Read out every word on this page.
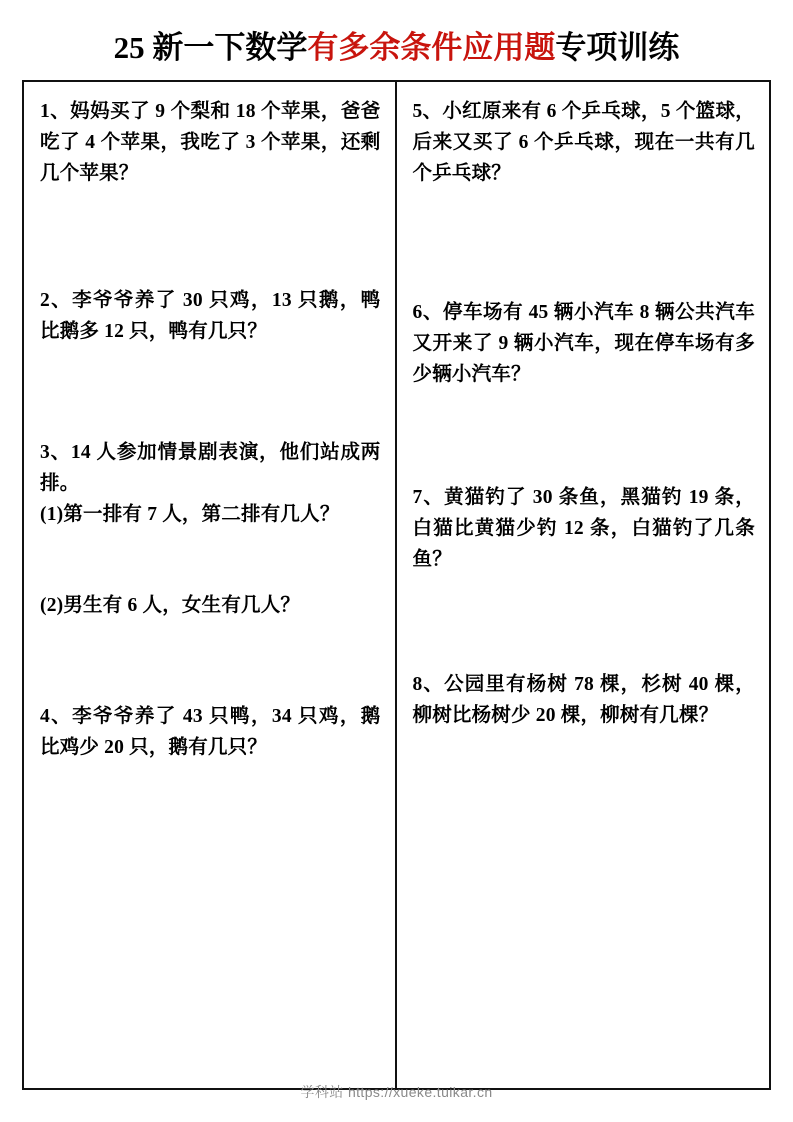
25 新一下数学有多余条件应用题专项训练
1、妈妈买了 9 个梨和 18 个苹果，爸爸吃了 4 个苹果，我吃了 3 个苹果，还剩几个苹果？
2、李爷爷养了 30 只鸡，13 只鹅，鸭比鹅多 12 只，鸭有几只？
3、14 人参加情景剧表演，他们站成两排。
(1)第一排有 7 人，第二排有几人？
(2)男生有 6 人，女生有几人？
4、李爷爷养了 43 只鸭，34 只鸡，鹅比鸡少 20 只，鹅有几只？
5、小红原来有 6 个乒乓球，5 个篮球，后来又买了 6 个乒乓球，现在一共有几个乒乓球？
6、停车场有 45 辆小汽车 8 辆公共汽车又开来了 9 辆小汽车，现在停车场有多少辆小汽车？
7、黄猫钓了 30 条鱼，黑猫钓 19 条，白猫比黄猫少钓 12 条，白猫钓了几条鱼？
8、公园里有杨树 78 棵，杉树 40 棵，柳树比杨树少 20 棵，柳树有几棵？
学科站 https://xueke.tuikar.cn
